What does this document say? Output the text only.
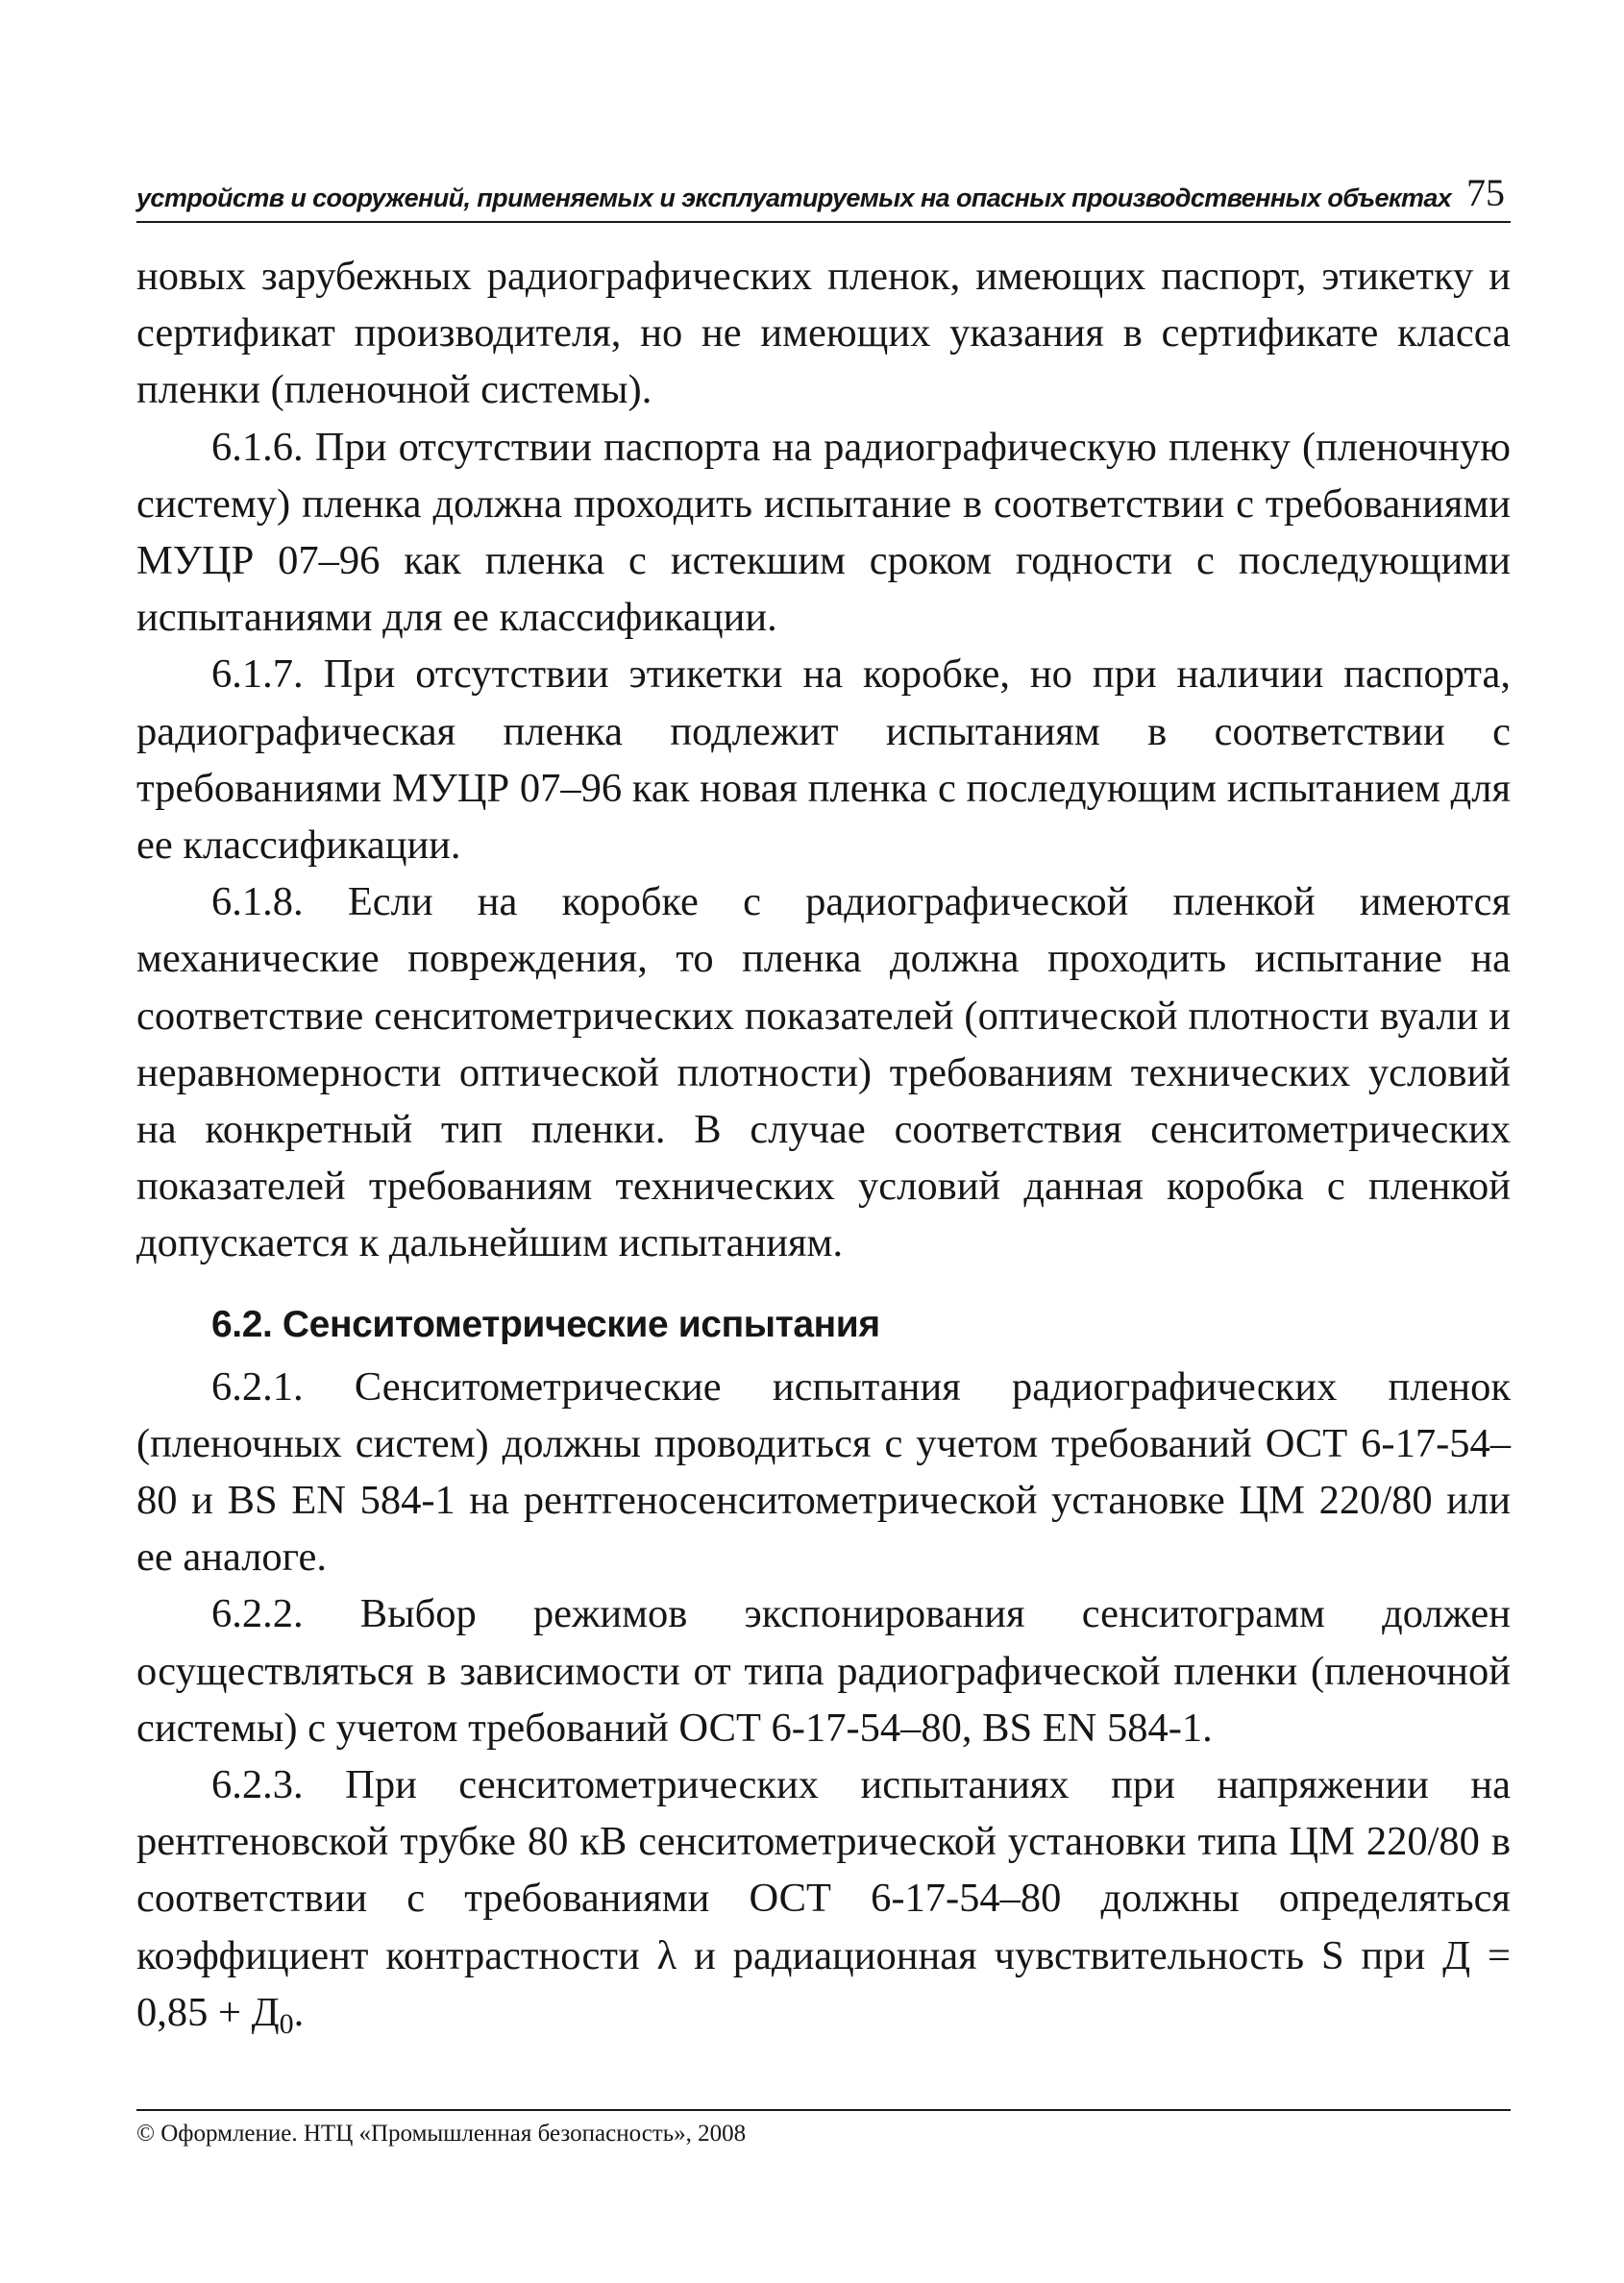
устройств и сооружений, применяемых и эксплуатируемых на опасных производственных объектах 75

новых зарубежных радиографических пленок, имеющих паспорт, этикетку и сертификат производителя, но не имеющих указания в сертификате класса пленки (пленочной системы).

6.1.6. При отсутствии паспорта на радиографическую пленку (пленочную систему) пленка должна проходить испытание в соответствии с требованиями МУЦР 07–96 как пленка с истекшим сроком годности с последующими испытаниями для ее классификации.

6.1.7. При отсутствии этикетки на коробке, но при наличии паспорта, радиографическая пленка подлежит испытаниям в соответствии с требованиями МУЦР 07–96 как новая пленка с последующим испытанием для ее классификации.

6.1.8. Если на коробке с радиографической пленкой имеются механические повреждения, то пленка должна проходить испытание на соответствие сенситометрических показателей (оптической плотности вуали и неравномерности оптической плотности) требованиям технических условий на конкретный тип пленки. В случае соответствия сенситометрических показателей требованиям технических условий данная коробка с пленкой допускается к дальнейшим испытаниям.

6.2. Сенситометрические испытания

6.2.1. Сенситометрические испытания радиографических пленок (пленочных систем) должны проводиться с учетом требований ОСТ 6-17-54–80 и BS EN 584-1 на рентгеносенситометрической установке ЦМ 220/80 или ее аналоге.

6.2.2. Выбор режимов экспонирования сенситограмм должен осуществляться в зависимости от типа радиографической пленки (пленочной системы) с учетом требований ОСТ 6-17-54–80, BS EN 584-1.

6.2.3. При сенситометрических испытаниях при напряжении на рентгеновской трубке 80 кВ сенситометрической установки типа ЦМ 220/80 в соответствии с требованиями ОСТ 6-17-54–80 должны определяться коэффициент контрастности λ и радиационная чувствительность S при $Д = 0,85 + Д_0$.

© Оформление. НТЦ «Промышленная безопасность», 2008
